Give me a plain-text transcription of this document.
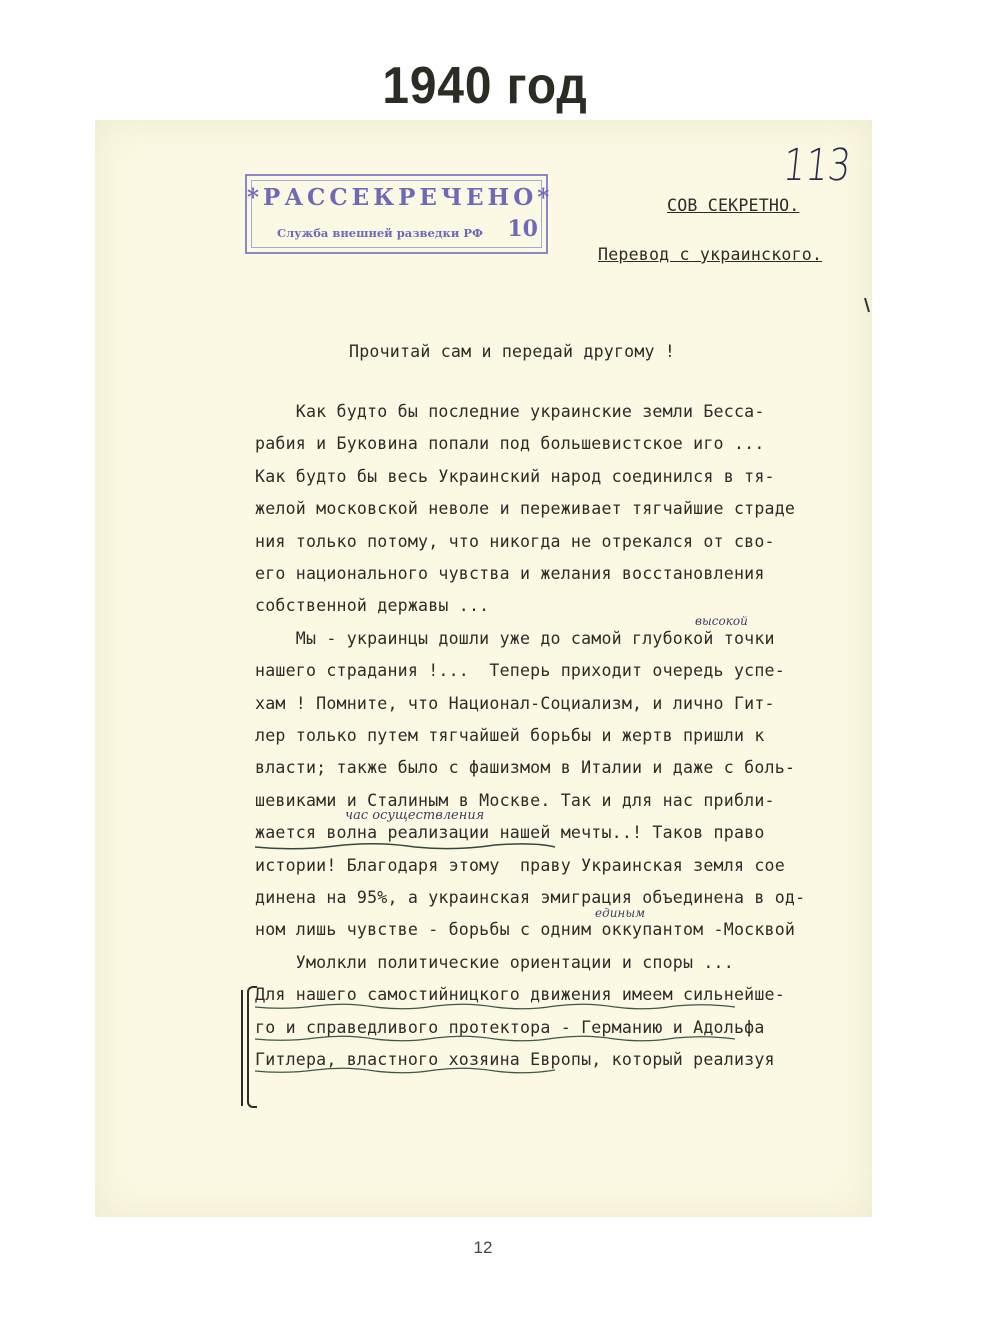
1940 год
*РАССЕКРЕЧЕНО*
Служба внешней разведки РФ 10
113
СОВ СЕКРЕТНО.
Перевод с украинского.
Прочитай сам и передай другому !
Как будто бы последние украинские земли Бесса-
рабия и Буковина попали под большевистское иго ...
Как будто бы весь Украинский народ соединился в тя-
желой московской неволе и переживает тягчайшие страде
ния только потому, что никогда не отрекался от сво-
его национального чувства и желания восстановления
собственной державы ...
Мы - украинцы дошли уже до самой глубокой точки
нашего страдания !...  Теперь приходит очередь успе-
хам ! Помните, что Национал-Социализм, и лично Гит-
лер только путем тягчайшей борьбы и жертв пришли к
власти; также было с фашизмом в Италии и даже с боль-
шевиками и Сталиным в Москве. Так и для нас прибли-
жается волна реализации нашей мечты..! Таков право
истории! Благодаря этому  праву Украинская земля сое
динена на 95%, а украинская эмиграция объединена в од-
ном лишь чувстве - борьбы с одним оккупантом -Москвой
Умолкли политические ориентации и споры ...
Для нашего самостийницкого движения имеем сильнейше-
го и справедливого протектора - Германию и Адольфа
Гитлера, властного хозяина Европы, который реализуя
высокой
час осуществления
единым
12
